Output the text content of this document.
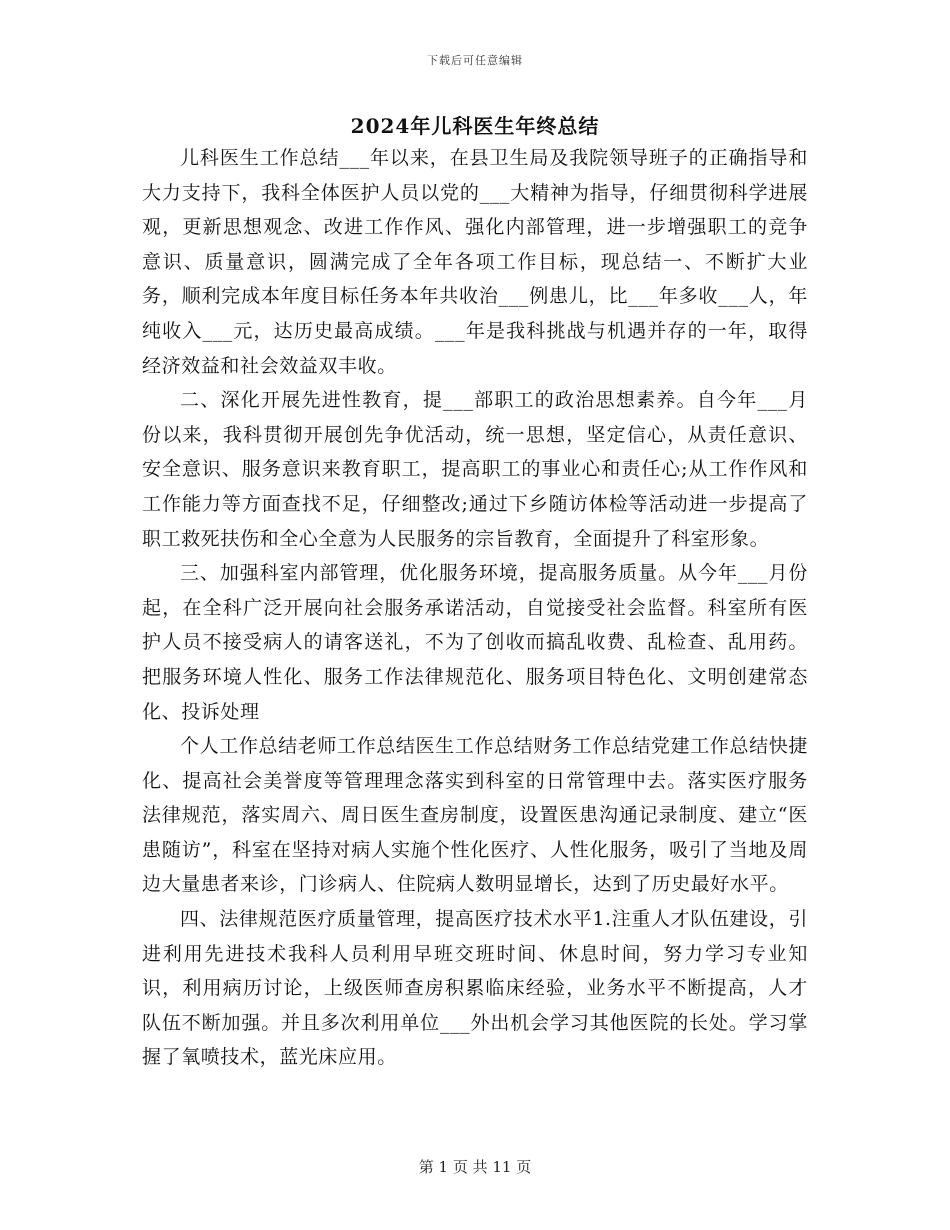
下载后可任意编辑
2024年儿科医生年终总结

儿科医生工作总结___年以来，在县卫生局及我院领导班子的正确指导和大力支持下，我科全体医护人员以党的___大精神为指导，仔细贯彻科学进展观，更新思想观念、改进工作作风、强化内部管理，进一步增强职工的竞争意识、质量意识，圆满完成了全年各项工作目标，现总结一、不断扩大业务，顺利完成本年度目标任务本年共收治___例患儿，比___年多收___人，年纯收入___元，达历史最高成绩。___年是我科挑战与机遇并存的一年，取得经济效益和社会效益双丰收。

二、深化开展先进性教育，提___部职工的政治思想素养。自今年___月份以来，我科贯彻开展创先争优活动，统一思想，坚定信心，从责任意识、安全意识、服务意识来教育职工，提高职工的事业心和责任心;从工作作风和工作能力等方面查找不足，仔细整改;通过下乡随访体检等活动进一步提高了职工救死扶伤和全心全意为人民服务的宗旨教育，全面提升了科室形象。

三、加强科室内部管理，优化服务环境，提高服务质量。从今年___月份起，在全科广泛开展向社会服务承诺活动，自觉接受社会监督。科室所有医护人员不接受病人的请客送礼，不为了创收而搞乱收费、乱检查、乱用药。把服务环境人性化、服务工作法律规范化、服务项目特色化、文明创建常态化、投诉处理

个人工作总结老师工作总结医生工作总结财务工作总结党建工作总结快捷化、提高社会美誉度等管理理念落实到科室的日常管理中去。落实医疗服务法律规范，落实周六、周日医生查房制度，设置医患沟通记录制度、建立“医患随访”，科室在坚持对病人实施个性化医疗、人性化服务，吸引了当地及周边大量患者来诊，门诊病人、住院病人数明显增长，达到了历史最好水平。

四、法律规范医疗质量管理，提高医疗技术水平1.注重人才队伍建设，引进利用先进技术我科人员利用早班交班时间、休息时间，努力学习专业知识，利用病历讨论，上级医师查房积累临床经验，业务水平不断提高，人才队伍不断加强。并且多次利用单位___外出机会学习其他医院的长处。学习掌握了氧喷技术，蓝光床应用。

第 1 页 共 11 页
